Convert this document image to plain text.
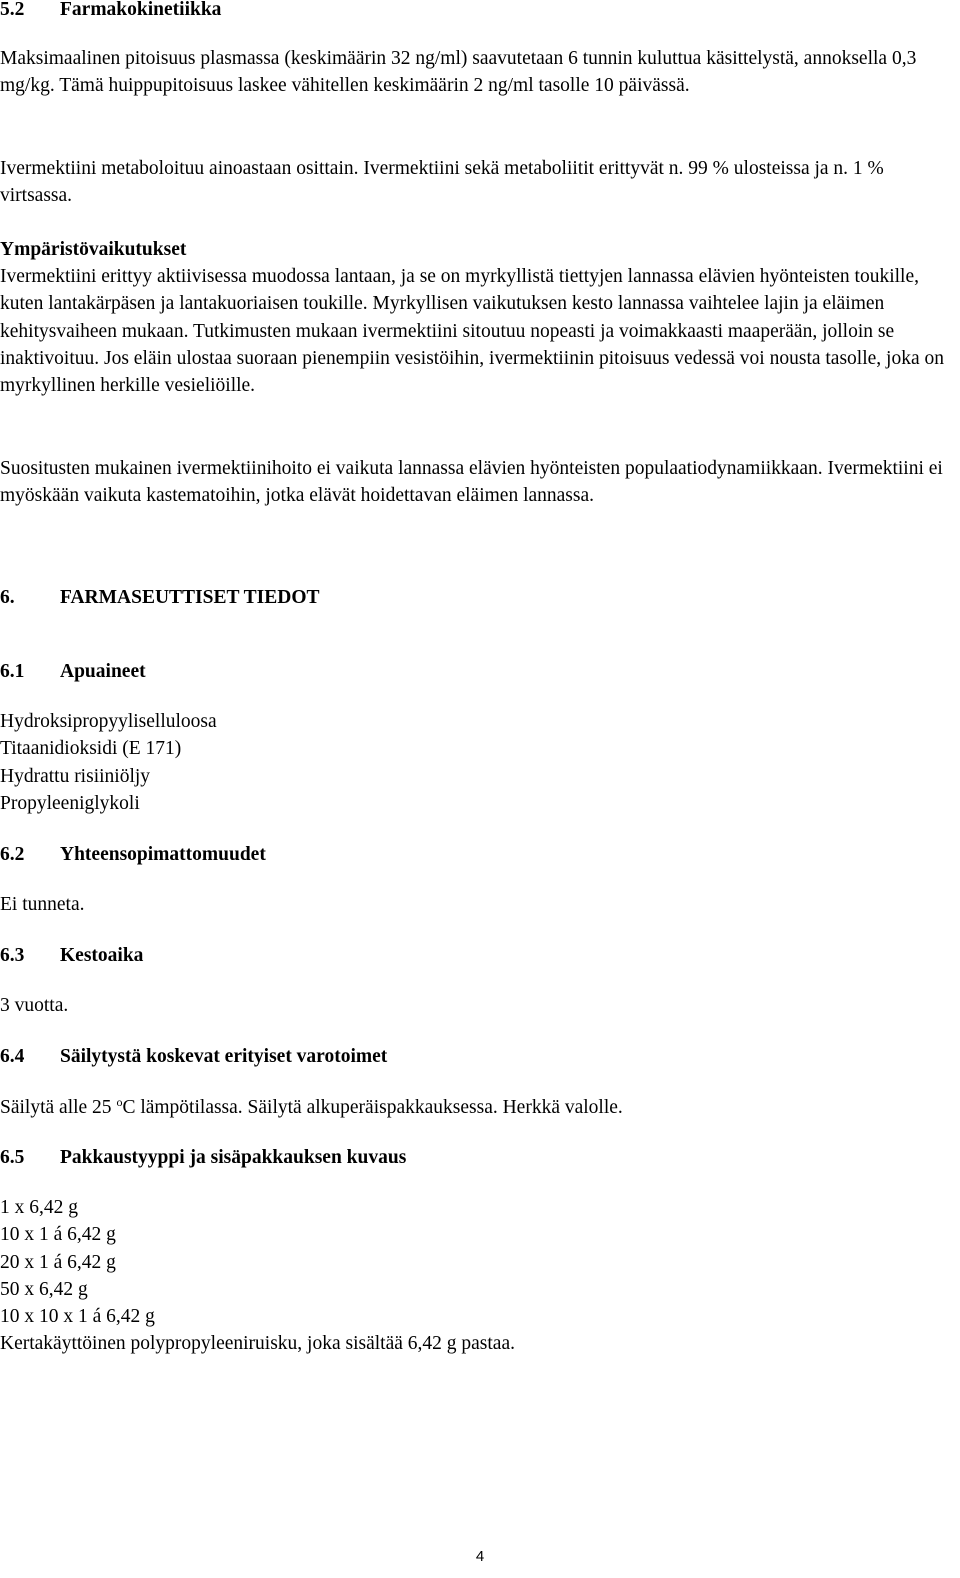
5.2 Farmakokinetiikka

Maksimaalinen pitoisuus plasmassa (keskimäärin 32 ng/ml) saavutetaan 6 tunnin kuluttua käsittelystä, annoksella 0,3 mg/kg. Tämä huippupitoisuus laskee vähitellen keskimäärin 2 ng/ml tasolle 10 päivässä.

Ivermektiini metaboloituu ainoastaan osittain. Ivermektiini sekä metaboliitit erittyvät n. 99 % ulosteissa ja n. 1 % virtsassa.

Ympäristövaikutukset

Ivermektiini erittyy aktiivisessa muodossa lantaan, ja se on myrkyllistä tiettyjen lannassa elävien hyönteisten toukille, kuten lantakärpäsen ja lantakuoriaisen toukille. Myrkyllisen vaikutuksen kesto lannassa vaihtelee lajin ja eläimen kehitysvaiheen mukaan. Tutkimusten mukaan ivermektiini sitoutuu nopeasti ja voimakkaasti maaperään, jolloin se inaktivoituu. Jos eläin ulostaa suoraan pienempiin vesistöihin, ivermektiinin pitoisuus vedessä voi nousta tasolle, joka on myrkyllinen herkille vesieliöille.

Suositusten mukainen ivermektiinihoito ei vaikuta lannassa elävien hyönteisten populaatiodynamiikkaan. Ivermektiini ei myöskään vaikuta kastematoihin, jotka elävät hoidettavan eläimen lannassa.

6. FARMASEUTTISET TIEDOT
6.1 Apuaineet
Hydroksipropyyliselluloosa
Titaanidioksidi (E 171)
Hydrattu risiiniöljy
Propyleeniglykoli
6.2 Yhteensopimattomuudet

Ei tunneta.

6.3 Kestoaika

3 vuotta.

6.4 Säilytystä koskevat erityiset varotoimet

Säilytä alle 25 $^o$C lämpötilassa. Säilytä alkuperäispakkauksessa. Herkkä valolle.

6.5 Pakkaustyyppi ja sisäpakkauksen kuvaus
1 x 6,42 g
10 x 1 á 6,42 g
20 x 1 á 6,42 g
50 x 6,42 g
10 x 10 x 1 á 6,42 g
Kertakäyttöinen polypropyleeniruisku, joka sisältää 6,42 g pastaa.
4
